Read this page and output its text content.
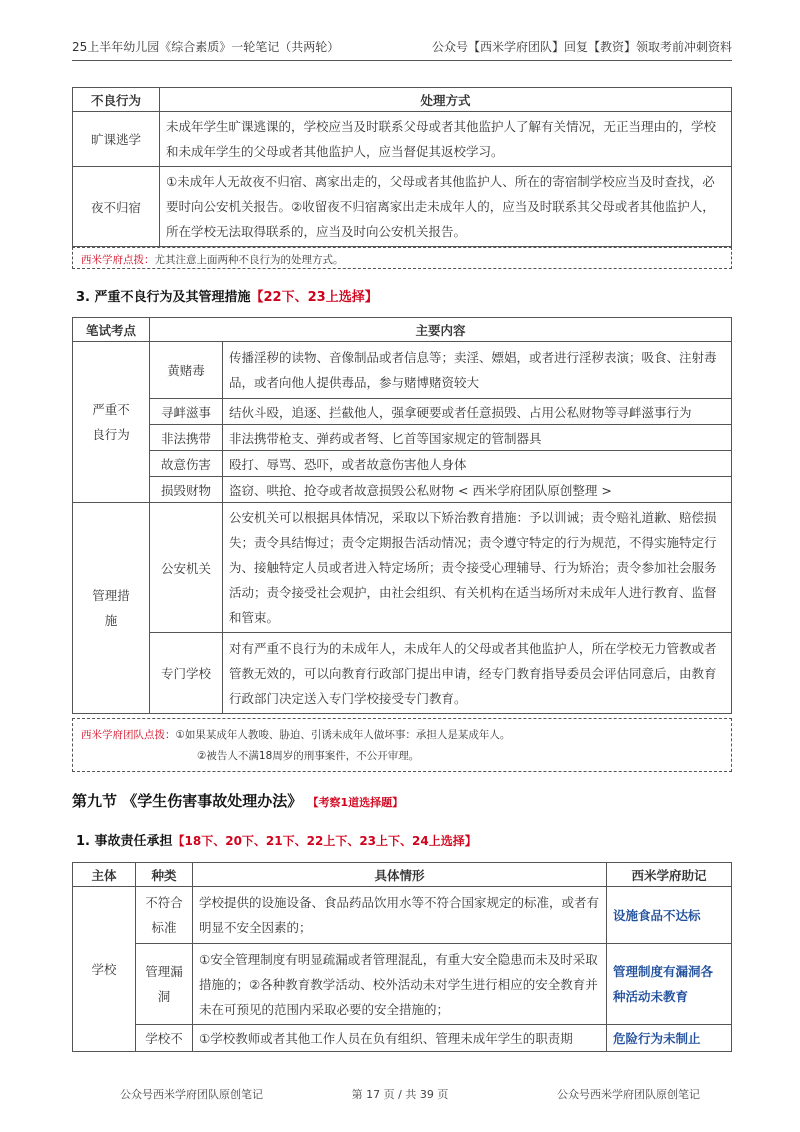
25上半年幼儿园《综合素质》一轮笔记（共两轮）	公众号【西米学府团队】回复【教资】领取考前冲刺资料
不良行为	处理方式
旷课逃学	未成年学生旷课逃课的，学校应当及时联系父母或者其他监护人了解有关情况，无正当理由的，学校和未成年学生的父母或者其他监护人，应当督促其返校学习。
夜不归宿	①未成年人无故夜不归宿、离家出走的，父母或者其他监护人、所在的寄宿制学校应当及时查找，必要时向公安机关报告。②收留夜不归宿离家出走未成年人的，应当及时联系其父母或者其他监护人，所在学校无法取得联系的，应当及时向公安机关报告。
西米学府点拨：尤其注意上面两种不良行为的处理方式。
3. 严重不良行为及其管理措施【22下、23上选择】
笔试考点	主要内容	
严重不良行为	黄赌毒	传播淫秽的读物、音像制品或者信息等；卖淫、嫖娼，或者进行淫秽表演；吸食、注射毒品，或者向他人提供毒品，参与赌博赌资较大
	寻衅滋事	结伙斗殴，追逐、拦截他人，强拿硬要或者任意损毁、占用公私财物等寻衅滋事行为
	非法携带	非法携带枪支、弹药或者弩、匕首等国家规定的管制器具
	故意伤害	殴打、辱骂、恐吓，或者故意伤害他人身体
	损毁财物	盗窃、哄抢、抢夺或者故意损毁公私财物 < 西米学府团队原创整理 >
管理措施	公安机关	公安机关可以根据具体情况，采取以下矫治教育措施：予以训诫；责令赔礼道歉、赔偿损失；责令具结悔过；责令定期报告活动情况；责令遵守特定的行为规范，不得实施特定行为、接触特定人员或者进入特定场所；责令接受心理辅导、行为矫治；责令参加社会服务活动；责令接受社会观护，由社会组织、有关机构在适当场所对未成年人进行教育、监督和管束。
	专门学校	对有严重不良行为的未成年人，未成年人的父母或者其他监护人，所在学校无力管教或者管教无效的，可以向教育行政部门提出申请，经专门教育指导委员会评估同意后，由教育行政部门决定送入专门学校接受专门教育。
西米学府团队点拨：①如果某成年人教唆、胁迫、引诱未成年人做坏事：承担人是某成年人。
②被告人不满18周岁的刑事案件，不公开审理。
第九节 《学生伤害事故处理办法》 【考察1道选择题】
1. 事故责任承担【18下、20下、21下、22上下、23上下、24上选择】
主体	种类	具体情形	西米学府助记
学校	不符合标准	学校提供的设施设备、食品药品饮用水等不符合国家规定的标准，或者有明显不安全因素的；	设施食品不达标
	管理漏洞	①安全管理制度有明显疏漏或者管理混乱，有重大安全隐患而未及时采取措施的；②各种教育教学活动、校外活动未对学生进行相应的安全教育并未在可预见的范围内采取必要的安全措施的；	管理制度有漏洞各种活动未教育
	学校不	①学校教师或者其他工作人员在负有组织、管理未成年学生的职责期	危险行为未制止
公众号西米学府团队原创笔记	第 17 页 / 共 39 页	公众号西米学府团队原创笔记
